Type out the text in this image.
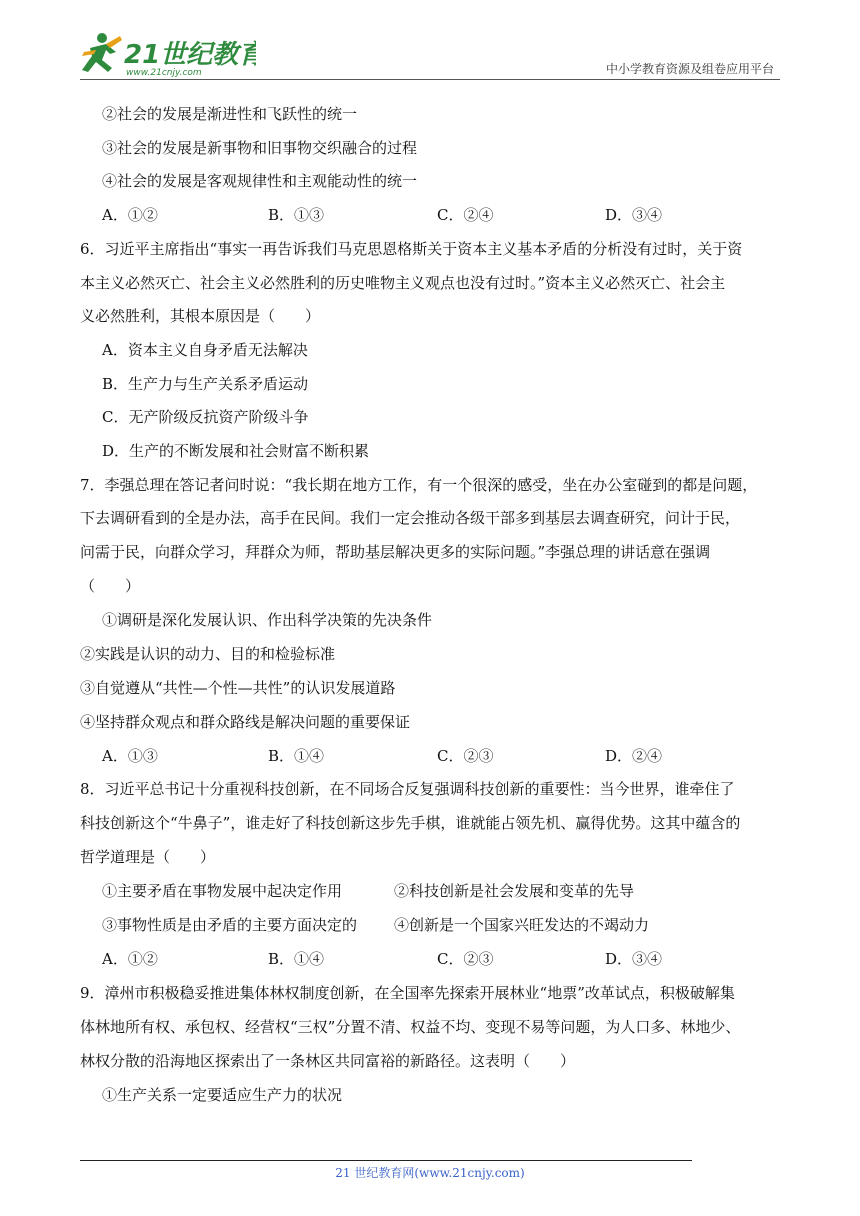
21世纪教育
www.21cnjy.com	中小学教育资源及组卷应用平台
②社会的发展是渐进性和飞跃性的统一
③社会的发展是新事物和旧事物交织融合的过程
④社会的发展是客观规律性和主观能动性的统一
A．①②	B．①③	C．②④	D．③④
6．习近平主席指出“事实一再告诉我们马克思恩格斯关于资本主义基本矛盾的分析没有过时，关于资
本主义必然灭亡、社会主义必然胜利的历史唯物主义观点也没有过时。”资本主义必然灭亡、社会主
义必然胜利，其根本原因是（　　）
A．资本主义自身矛盾无法解决
B．生产力与生产关系矛盾运动
C．无产阶级反抗资产阶级斗争
D．生产的不断发展和社会财富不断积累
7．李强总理在答记者问时说：“我长期在地方工作，有一个很深的感受，坐在办公室碰到的都是问题，
下去调研看到的全是办法，高手在民间。我们一定会推动各级干部多到基层去调查研究，问计于民，
问需于民，向群众学习，拜群众为师，帮助基层解决更多的实际问题。”李强总理的讲话意在强调
（　　）
①调研是深化发展认识、作出科学决策的先决条件
②实践是认识的动力、目的和检验标准
③自觉遵从“共性—个性—共性”的认识发展道路
④坚持群众观点和群众路线是解决问题的重要保证
A．①③	B．①④	C．②③	D．②④
8．习近平总书记十分重视科技创新，在不同场合反复强调科技创新的重要性：当今世界，谁牵住了
科技创新这个“牛鼻子”，谁走好了科技创新这步先手棋，谁就能占领先机、赢得优势。这其中蕴含的
哲学道理是（　　）
①主要矛盾在事物发展中起决定作用	②科技创新是社会发展和变革的先导
③事物性质是由矛盾的主要方面决定的 ④创新是一个国家兴旺发达的不竭动力
A．①②	B．①④	C．②③	D．③④
9．漳州市积极稳妥推进集体林权制度创新，在全国率先探索开展林业“地票”改革试点，积极破解集
体林地所有权、承包权、经营权“三权”分置不清、权益不均、变现不易等问题，为人口多、林地少、
林权分散的沿海地区探索出了一条林区共同富裕的新路径。这表明（　　）
①生产关系一定要适应生产力的状况
21 世纪教育网(www.21cnjy.com)
